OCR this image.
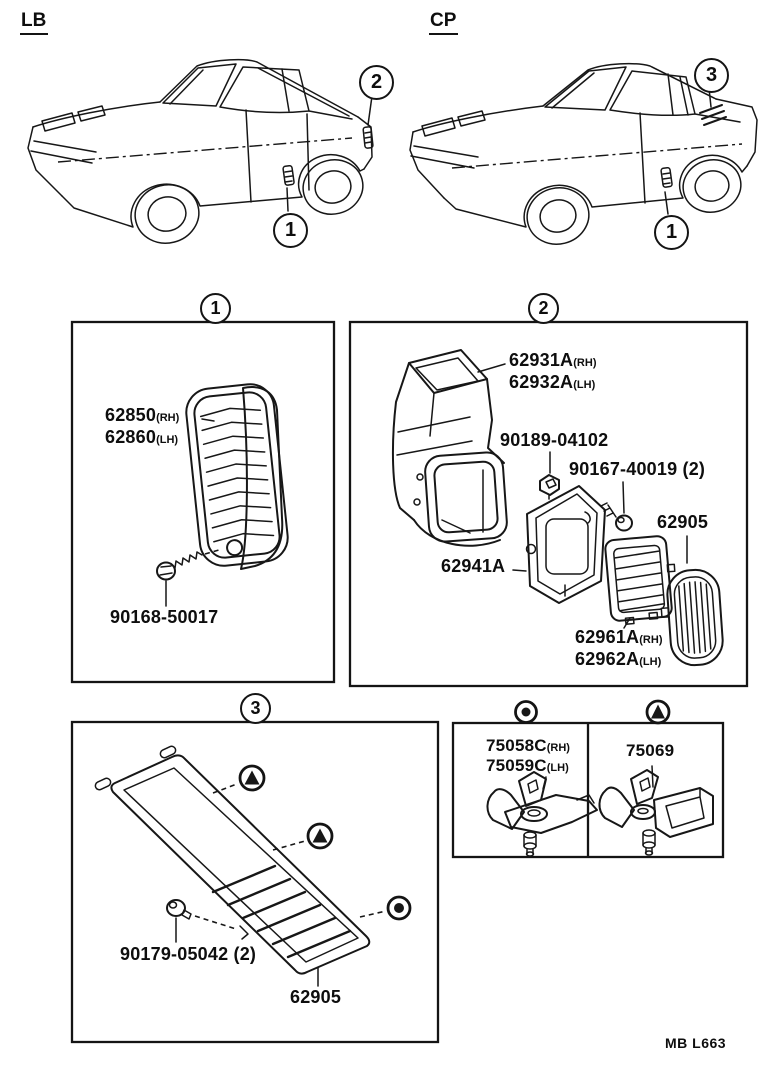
LB	CP
1
2
1
3
1	2
3
62850(RH)
62860(LH)
90168-50017
62931A(RH)
62932A(LH)
90189-04102
90167-40019 (2)
62905
62941A
62961A(RH)
62962A(LH)
90179-05042 (2)
62905
75058C(RH)
75059C(LH)
75069
MB L663
